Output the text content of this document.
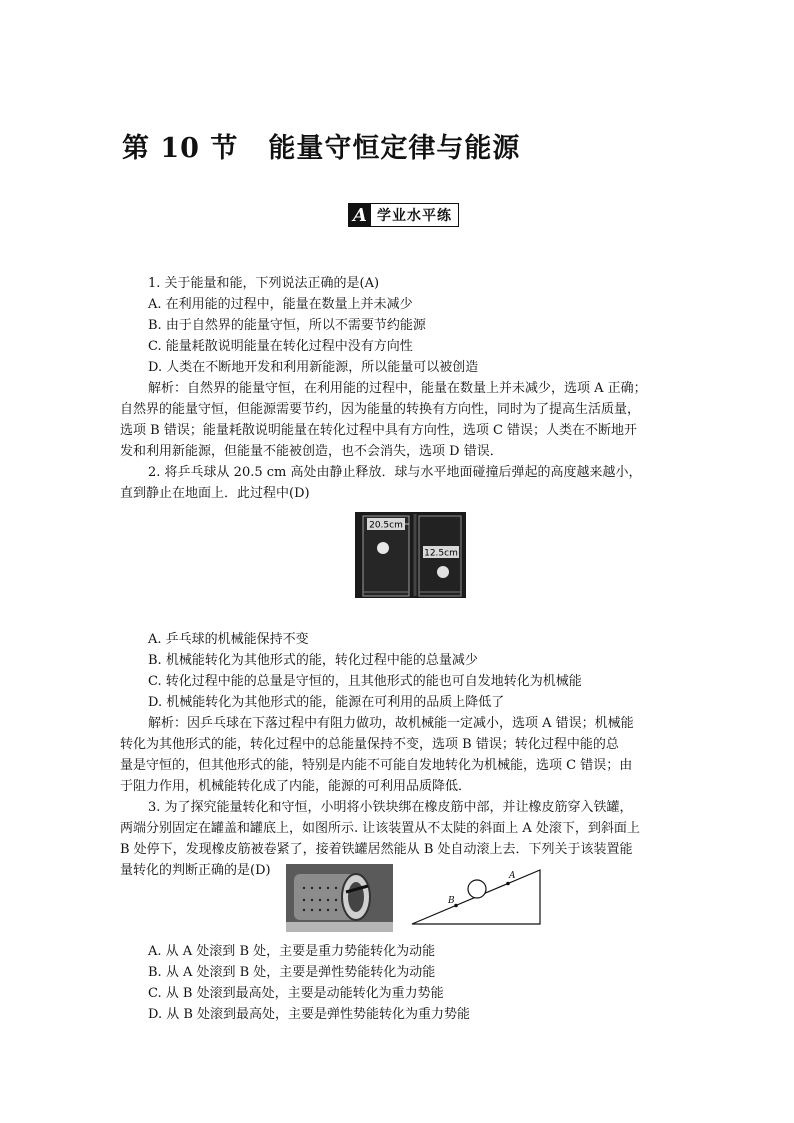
第 10 节 能量守恒定律与能源
A 学业水平练
1. 关于能量和能，下列说法正确的是(A)
A. 在利用能的过程中，能量在数量上并未减少
B. 由于自然界的能量守恒，所以不需要节约能源
C. 能量耗散说明能量在转化过程中没有方向性
D. 人类在不断地开发和利用新能源，所以能量可以被创造
解析：自然界的能量守恒，在利用能的过程中，能量在数量上并未减少，选项 A 正确；
自然界的能量守恒，但能源需要节约，因为能量的转换有方向性，同时为了提高生活质量，
选项 B 错误；能量耗散说明能量在转化过程中具有方向性，选项 C 错误；人类在不断地开
发和利用新能源，但能量不能被创造，也不会消失，选项 D 错误．
2. 将乒乓球从 20.5 cm 高处由静止释放．球与水平地面碰撞后弹起的高度越来越小，
直到静止在地面上．此过程中(D)
20.5cm
12.5cm
A. 乒乓球的机械能保持不变
B. 机械能转化为其他形式的能，转化过程中能的总量减少
C. 转化过程中能的总量是守恒的，且其他形式的能也可自发地转化为机械能
D. 机械能转化为其他形式的能，能源在可利用的品质上降低了
解析：因乒乓球在下落过程中有阻力做功，故机械能一定减小，选项 A 错误；机械能
转化为其他形式的能，转化过程中的总能量保持不变，选项 B 错误；转化过程中能的总
量是守恒的，但其他形式的能，特别是内能不可能自发地转化为机械能，选项 C 错误；由
于阻力作用，机械能转化成了内能，能源的可利用品质降低．
3. 为了探究能量转化和守恒，小明将小铁块绑在橡皮筋中部，并让橡皮筋穿入铁罐，
两端分别固定在罐盖和罐底上，如图所示. 让该装置从不太陡的斜面上 A 处滚下，到斜面上
B 处停下，发现橡皮筋被卷紧了，接着铁罐居然能从 B 处自动滚上去．下列关于该装置能
量转化的判断正确的是(D)	A
B
A. 从 A 处滚到 B 处，主要是重力势能转化为动能
B. 从 A 处滚到 B 处，主要是弹性势能转化为动能
C. 从 B 处滚到最高处，主要是动能转化为重力势能
D. 从 B 处滚到最高处，主要是弹性势能转化为重力势能
